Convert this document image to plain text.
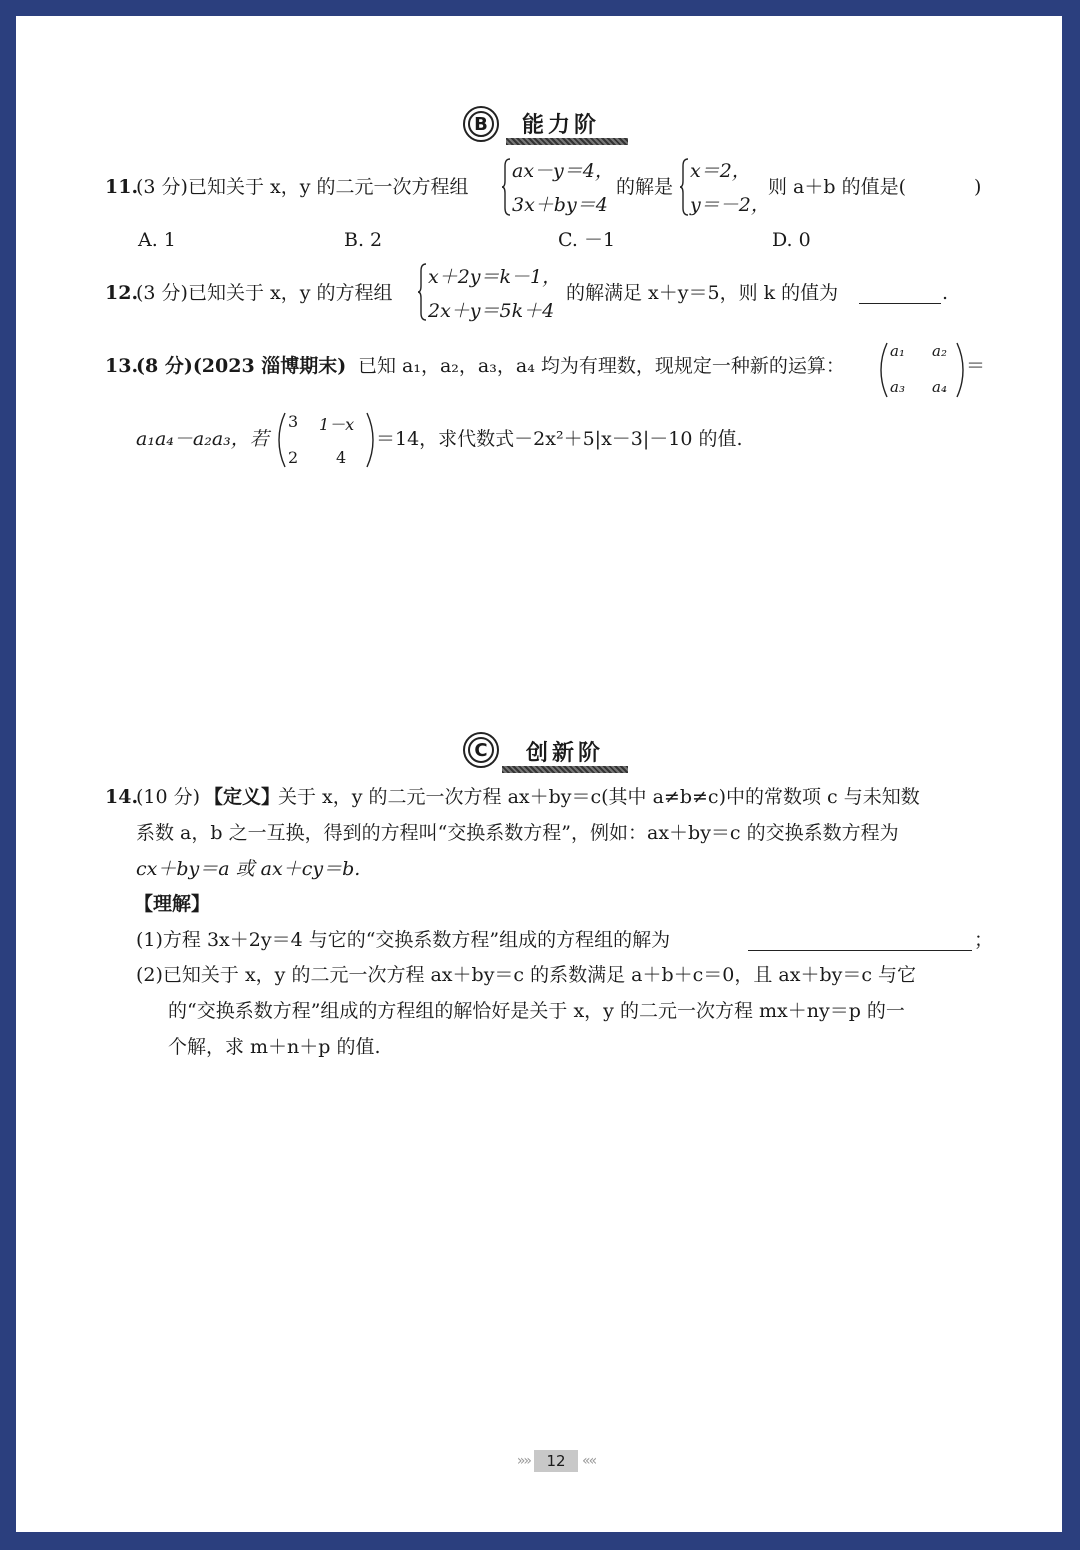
B	能力阶
11.
(3 分)已知关于 x，y 的二元一次方程组
ax－y＝4，
3x＋by＝4
的解是
x＝2，
y＝－2，
则 a＋b 的值是(	)
A. 1	B. 2	C. －1	D. 0
12.
(3 分)已知关于 x，y 的方程组
x＋2y＝k－1，
2x＋y＝5k＋4
的解满足 x＋y＝5，则 k 的值为	.
13.
(8 分)(2023 淄博期末) 已知 a₁，a₂，a₃，a₄ 均为有理数，现规定一种新的运算：
a₁ a₂
a₃ a₄
＝
a₁a₄－a₂a₃，若
3 1－x
2 4
＝14，求代数式－2x²＋5|x－3|－10 的值.
C	创新阶
14.
(10 分) 【定义】
关于 x，y 的二元一次方程 ax＋by＝c(其中 a≠b≠c)中的常数项 c 与未知数
系数 a，b 之一互换，得到的方程叫“交换系数方程”，例如：ax＋by＝c 的交换系数方程为
cx＋by＝a 或 ax＋cy＝b.
【理解】
(1)方程 3x＋2y＝4 与它的“交换系数方程”组成的方程组的解为	；
(2)已知关于 x，y 的二元一次方程 ax＋by＝c 的系数满足 a＋b＋c＝0，且 ax＋by＝c 与它
的“交换系数方程”组成的方程组的解恰好是关于 x，y 的二元一次方程 mx＋ny＝p 的一
个解，求 m＋n＋p 的值.
»»	12	««
